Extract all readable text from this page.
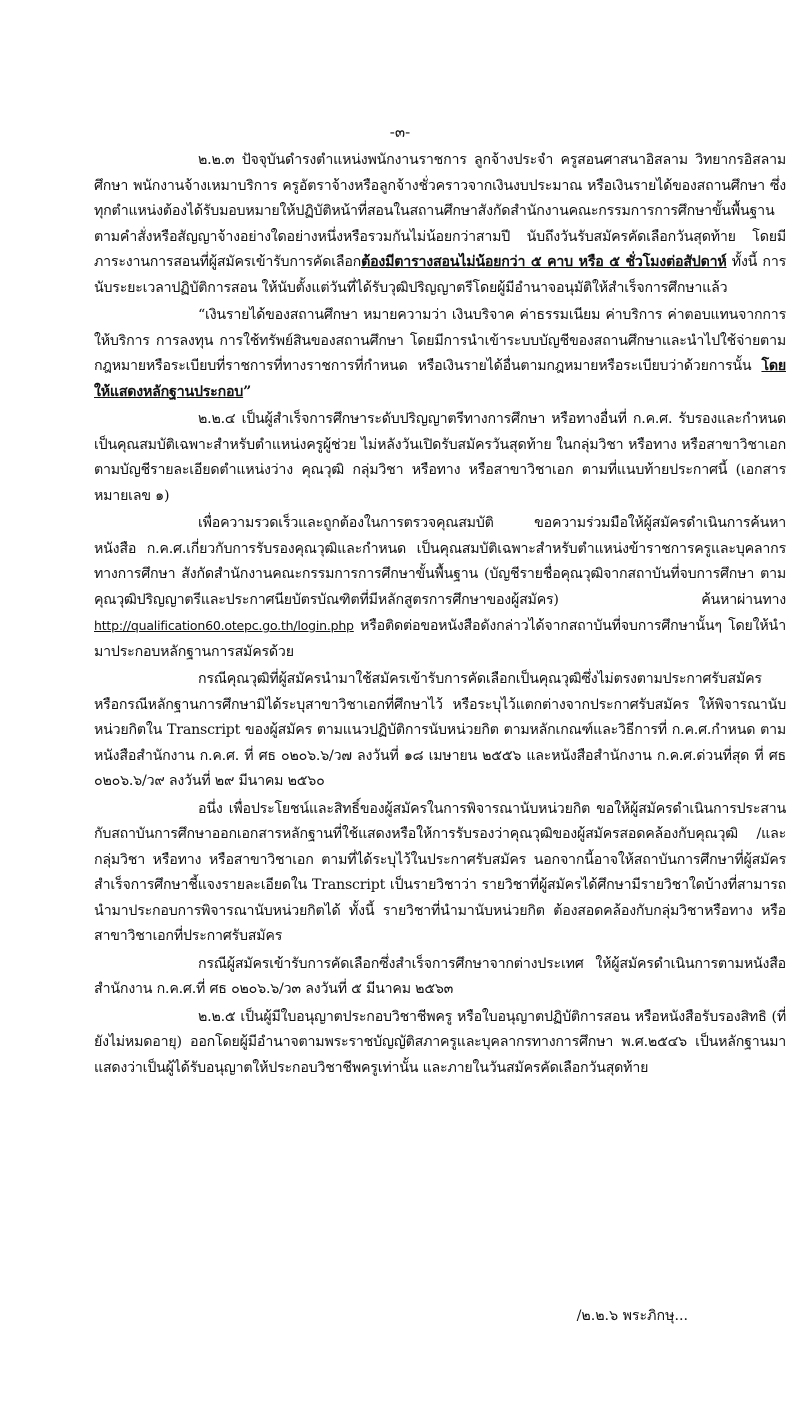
-๓-

๒.๒.๓ ปัจจุบันดำรงตำแหน่งพนักงานราชการ ลูกจ้างประจำ ครูสอนศาสนาอิสลาม วิทยากรอิสลามศึกษา พนักงานจ้างเหมาบริการ ครูอัตราจ้างหรือลูกจ้างชั่วคราวจากเงินงบประมาณ หรือเงินรายได้ของสถานศึกษา ซึ่งทุกตำแหน่งต้องได้รับมอบหมายให้ปฏิบัติหน้าที่สอนในสถานศึกษาสังกัดสำนักงานคณะกรรมการการศึกษาขั้นพื้นฐาน ตามคำสั่งหรือสัญญาจ้างอย่างใดอย่างหนึ่งหรือรวมกันไม่น้อยกว่าสามปี นับถึงวันรับสมัครคัดเลือกวันสุดท้าย โดยมีภาระงานการสอนที่ผู้สมัครเข้ารับการคัดเลือกต้องมีตารางสอนไม่น้อยกว่า ๕ คาบ หรือ ๕ ชั่วโมงต่อสัปดาห์ ทั้งนี้ การนับระยะเวลาปฏิบัติการสอน ให้นับตั้งแต่วันที่ได้รับวุฒิปริญญาตรีโดยผู้มีอำนาจอนุมัติให้สำเร็จการศึกษาแล้ว

“เงินรายได้ของสถานศึกษา หมายความว่า เงินบริจาค ค่าธรรมเนียม ค่าบริการ ค่าตอบแทนจากการให้บริการ การลงทุน การใช้ทรัพย์สินของสถานศึกษา โดยมีการนำเข้าระบบบัญชีของสถานศึกษาและนำไปใช้จ่ายตามกฎหมายหรือระเบียบที่ราชการที่ทางราชการที่กำหนด หรือเงินรายได้อื่นตามกฎหมายหรือระเบียบว่าด้วยการนั้น โดยให้แสดงหลักฐานประกอบ”

๒.๒.๔ เป็นผู้สำเร็จการศึกษาระดับปริญญาตรีทางการศึกษา หรือทางอื่นที่ ก.ค.ศ. รับรองและกำหนดเป็นคุณสมบัติเฉพาะสำหรับตำแหน่งครูผู้ช่วย ไม่หลังวันเปิดรับสมัครวันสุดท้าย ในกลุ่มวิชา หรือทาง หรือสาขาวิชาเอก ตามบัญชีรายละเอียดตำแหน่งว่าง คุณวุฒิ กลุ่มวิชา หรือทาง หรือสาขาวิชาเอก ตามที่แนบท้ายประกาศนี้ (เอกสารหมายเลข ๑)

เพื่อความรวดเร็วและถูกต้องในการตรวจคุณสมบัติ ขอความร่วมมือให้ผู้สมัครดำเนินการค้นหา หนังสือ ก.ค.ศ.เกี่ยวกับการรับรองคุณวุฒิและกำหนด เป็นคุณสมบัติเฉพาะสำหรับตำแหน่งข้าราชการครูและบุคลากรทางการศึกษา สังกัดสำนักงานคณะกรรมการการศึกษาขั้นพื้นฐาน (บัญชีรายชื่อคุณวุฒิจากสถาบันที่จบการศึกษา ตามคุณวุฒิปริญญาตรีและประกาศนียบัตรบัณฑิตที่มีหลักสูตรการศึกษาของผู้สมัคร) ค้นหาผ่านทาง http://qualification60.otepc.go.th/login.php หรือติดต่อขอหนังสือดังกล่าวได้จากสถาบันที่จบการศึกษานั้นๆ โดยให้นำมาประกอบหลักฐานการสมัครด้วย

กรณีคุณวุฒิที่ผู้สมัครนำมาใช้สมัครเข้ารับการคัดเลือกเป็นคุณวุฒิซึ่งไม่ตรงตามประกาศรับสมัคร หรือกรณีหลักฐานการศึกษามิได้ระบุสาขาวิชาเอกที่ศึกษาไว้ หรือระบุไว้แตกต่างจากประกาศรับสมัคร ให้พิจารณานับหน่วยกิตใน Transcript ของผู้สมัคร ตามแนวปฏิบัติการนับหน่วยกิต ตามหลักเกณฑ์และวิธีการที่ ก.ค.ศ.กำหนด ตามหนังสือสำนักงาน ก.ค.ศ. ที่ ศธ ๐๒๐๖.๖/ว๗ ลงวันที่ ๑๘ เมษายน ๒๕๕๖ และหนังสือสำนักงาน ก.ค.ศ.ด่วนที่สุด ที่ ศธ ๐๒๐๖.๖/ว๙ ลงวันที่ ๒๙ มีนาคม ๒๕๖๐

อนึ่ง เพื่อประโยชน์และสิทธิ์ของผู้สมัครในการพิจารณานับหน่วยกิต ขอให้ผู้สมัครดำเนินการประสานกับสถาบันการศึกษาออกเอกสารหลักฐานที่ใช้แสดงหรือให้การรับรองว่าคุณวุฒิของผู้สมัครสอดคล้องกับคุณวุฒิ /และกลุ่มวิชา หรือทาง หรือสาขาวิชาเอก ตามที่ได้ระบุไว้ในประกาศรับสมัคร นอกจากนี้อาจให้สถาบันการศึกษาที่ผู้สมัครสำเร็จการศึกษาชี้แจงรายละเอียดใน Transcript เป็นรายวิชาว่า รายวิชาที่ผู้สมัครได้ศึกษามีรายวิชาใดบ้างที่สามารถนำมาประกอบการพิจารณานับหน่วยกิตได้ ทั้งนี้ รายวิชาที่นำมานับหน่วยกิต ต้องสอดคล้องกับกลุ่มวิชาหรือทาง หรือสาขาวิชาเอกที่ประกาศรับสมัคร

กรณีผู้สมัครเข้ารับการคัดเลือกซึ่งสำเร็จการศึกษาจากต่างประเทศ ให้ผู้สมัครดำเนินการตามหนังสือสำนักงาน ก.ค.ศ.ที่ ศธ ๐๒๐๖.๖/ว๓ ลงวันที่ ๕ มีนาคม ๒๕๖๓

๒.๒.๕ เป็นผู้มีใบอนุญาตประกอบวิชาชีพครู หรือใบอนุญาตปฏิบัติการสอน หรือหนังสือรับรองสิทธิ (ที่ยังไม่หมดอายุ) ออกโดยผู้มีอำนาจตามพระราชบัญญัติสภาครูและบุคลากรทางการศึกษา พ.ศ.๒๕๔๖ เป็นหลักฐานมาแสดงว่าเป็นผู้ได้รับอนุญาตให้ประกอบวิชาชีพครูเท่านั้น และภายในวันสมัครคัดเลือกวันสุดท้าย

/๒.๒.๖ พระภิกษุ...
